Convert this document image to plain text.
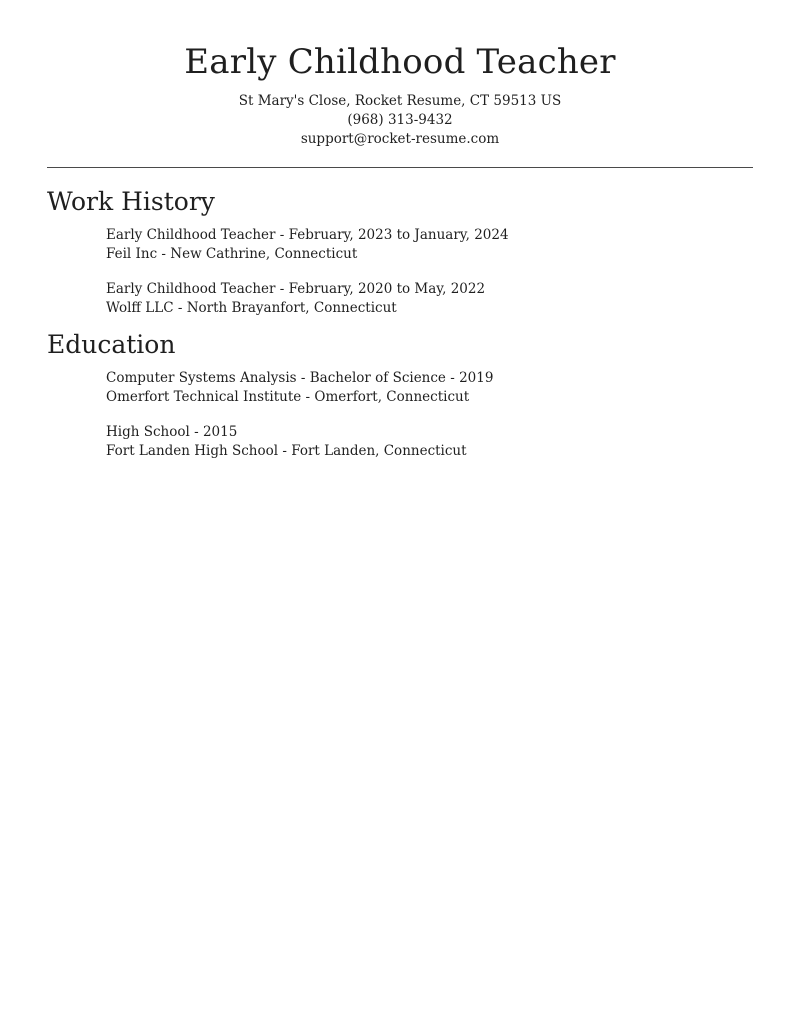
Early Childhood Teacher
St Mary's Close, Rocket Resume, CT 59513 US
(968) 313-9432
support@rocket-resume.com
Work History
Early Childhood Teacher - February, 2023 to January, 2024
Feil Inc - New Cathrine, Connecticut
Early Childhood Teacher - February, 2020 to May, 2022
Wolff LLC - North Brayanfort, Connecticut
Education
Computer Systems Analysis - Bachelor of Science - 2019
Omerfort Technical Institute - Omerfort, Connecticut
High School - 2015
Fort Landen High School - Fort Landen, Connecticut
